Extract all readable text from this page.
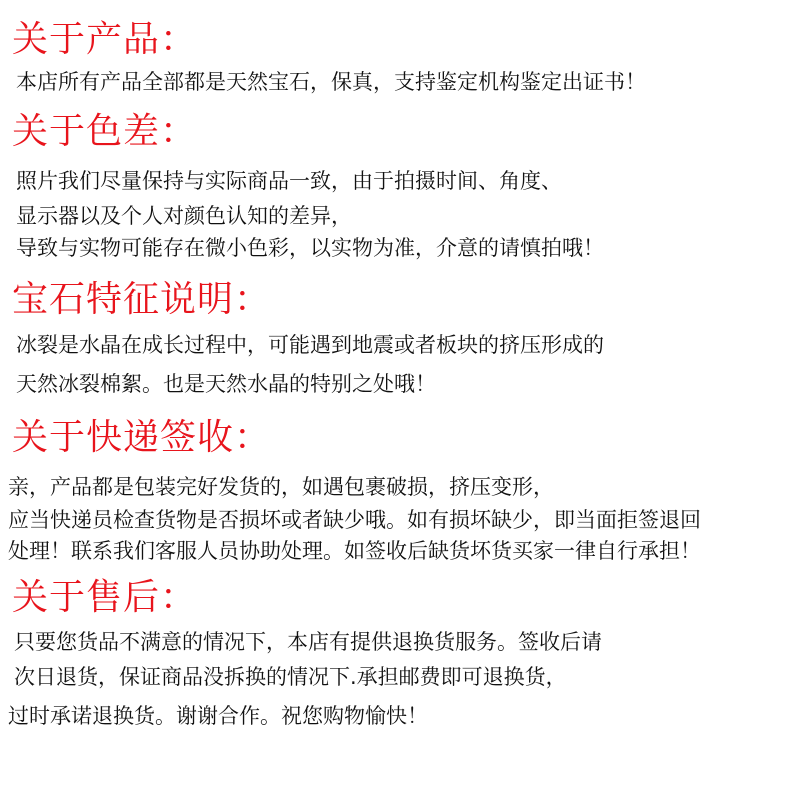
关于产品：
本店所有产品全部都是天然宝石，保真，支持鉴定机构鉴定出证书！
关于色差：
照片我们尽量保持与实际商品一致，由于拍摄时间、角度、
显示器以及个人对颜色认知的差异，
导致与实物可能存在微小色彩，以实物为准，介意的请慎拍哦！
宝石特征说明：
冰裂是水晶在成长过程中，可能遇到地震或者板块的挤压形成的
天然冰裂棉絮。也是天然水晶的特别之处哦！
关于快递签收：
亲，产品都是包装完好发货的，如遇包裹破损，挤压变形，
应当快递员检查货物是否损坏或者缺少哦。如有损坏缺少，即当面拒签退回
处理！联系我们客服人员协助处理。如签收后缺货坏货买家一律自行承担！
关于售后：
只要您货品不满意的情况下，本店有提供退换货服务。签收后请
次日退货，保证商品没拆换的情况下.承担邮费即可退换货，
过时承诺退换货。谢谢合作。祝您购物愉快！
